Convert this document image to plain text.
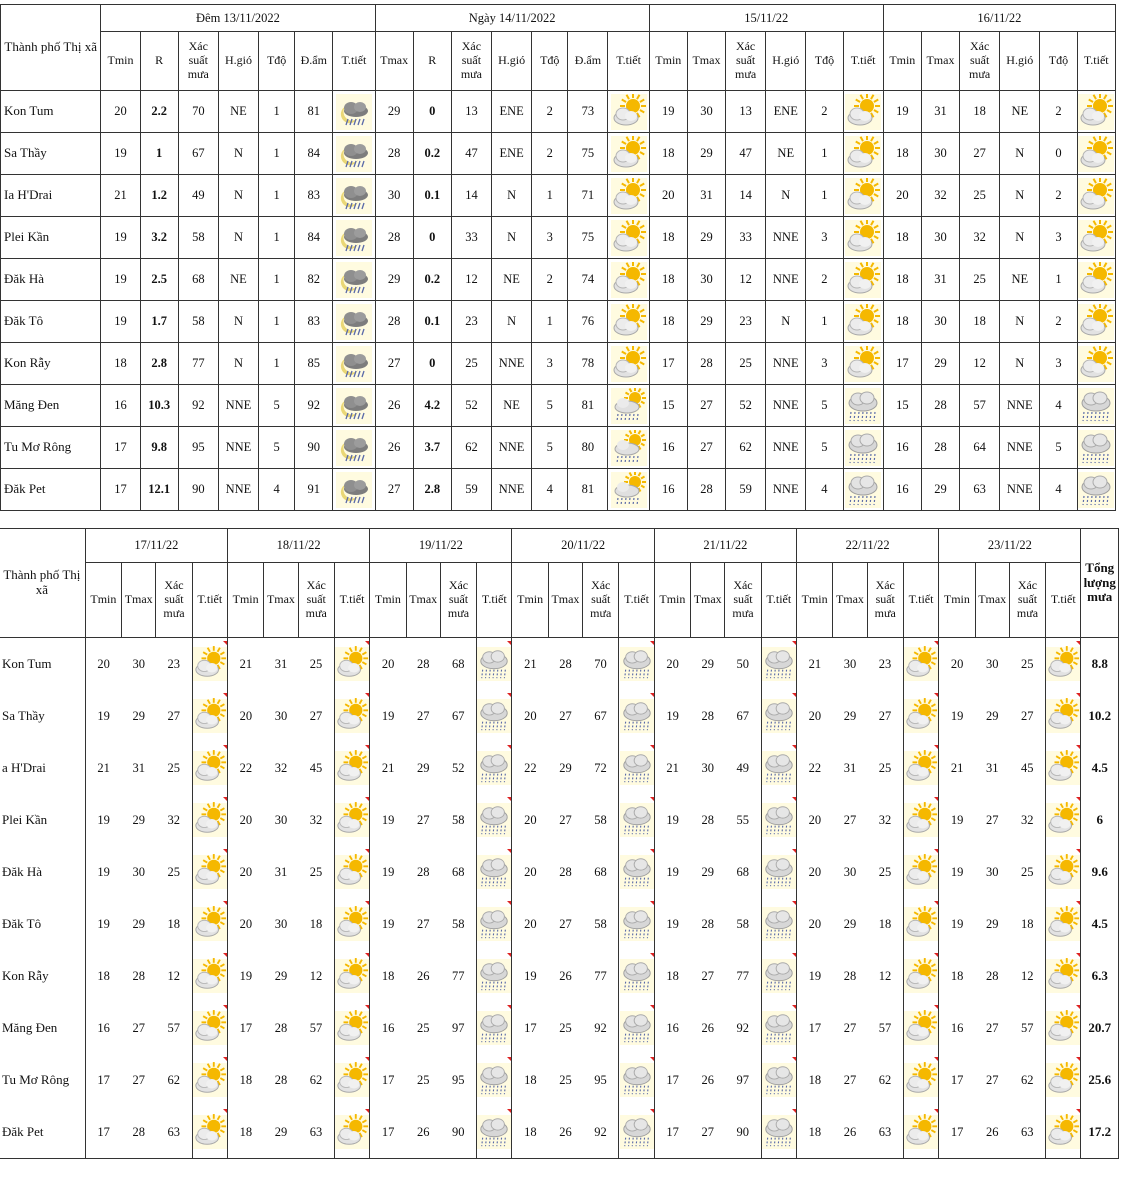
Thành phố Thị xã	Đêm 13/11/2022							Ngày 14/11/2022							15/11/22						16/11/22					
	Tmin	R	Xác suất mưa	H.gió	Tđộ	Đ.ẩm	T.tiết	Tmax	R	Xác suất mưa	H.gió	Tđộ	Đ.ẩm	T.tiết	Tmin	Tmax	Xác suất mưa	H.gió	Tđộ	T.tiết	Tmin	Tmax	Xác suất mưa	H.gió	Tđộ	T.tiết
Kon Tum	20	2.2	70	NE	1	81		29	0	13	ENE	2	73		19	30	13	ENE	2		19	31	18	NE	2	

Sa Thầy	19	1	67	N	1	84		28	0.2	47	ENE	2	75		18	29	47	NE	1		18	30	27	N	0	

Ia H'Drai	21	1.2	49	N	1	83		30	0.1	14	N	1	71		20	31	14	N	1		20	32	25	N	2	

Plei Kần	19	3.2	58	N	1	84		28	0	33	N	3	75		18	29	33	NNE	3		18	30	32	N	3	

Đăk Hà	19	2.5	68	NE	1	82		29	0.2	12	NE	2	74		18	30	12	NNE	2		18	31	25	NE	1	

Đăk Tô	19	1.7	58	N	1	83		28	0.1	23	N	1	76		18	29	23	N	1		18	30	18	N	2	

Kon Rẫy	18	2.8	77	N	1	85		27	0	25	NNE	3	78		17	28	25	NNE	3		17	29	12	N	3	

Măng Đen	16	10.3	92	NNE	5	92		26	4.2	52	NE	5	81		15	27	52	NNE	5		15	28	57	NNE	4	

Tu Mơ Rông	17	9.8	95	NNE	5	90		26	3.7	62	NNE	5	80		16	27	62	NNE	5		16	28	64	NNE	5	

Đăk Pet	17	12.1	90	NNE	4	91		27	2.8	59	NNE	4	81		16	28	59	NNE	4		16	29	63	NNE	4	
Thành phố Thị xã	17/11/22				18/11/22				19/11/22				20/11/22				21/11/22				22/11/22				23/11/22				Tổng lượng mưa
	Tmin	Tmax	Xác suất mưa	T.tiết	Tmin	Tmax	Xác suất mưa	T.tiết	Tmin	Tmax	Xác suất mưa	T.tiết	Tmin	Tmax	Xác suất mưa	T.tiết	Tmin	Tmax	Xác suất mưa	T.tiết	Tmin	Tmax	Xác suất mưa	T.tiết	Tmin	Tmax	Xác suất mưa	T.tiết	
Kon Tum	20	30	23		21	31	25		20	28	68		21	28	70		20	29	50		21	30	23		20	30	25		8.8
Sa Thầy	19	29	27		20	30	27		19	27	67		20	27	67		19	28	67		20	29	27		19	29	27		10.2
a H'Drai	21	31	25		22	32	45		21	29	52		22	29	72		21	30	49		22	31	25		21	31	45		4.5
Plei Kần	19	29	32		20	30	32		19	27	58		20	27	58		19	28	55		20	27	32		19	27	32		6
Đăk Hà	19	30	25		20	31	25		19	28	68		20	28	68		19	29	68		20	30	25		19	30	25		9.6
Đăk Tô	19	29	18		20	30	18		19	27	58		20	27	58		19	28	58		20	29	18		19	29	18		4.5
Kon Rẫy	18	28	12		19	29	12		18	26	77		19	26	77		18	27	77		19	28	12		18	28	12		6.3
Măng Đen	16	27	57		17	28	57		16	25	97		17	25	92		16	26	92		17	27	57		16	27	57		20.7
Tu Mơ Rông	17	27	62		18	28	62		17	25	95		18	25	95		17	26	97		18	27	62		17	27	62		25.6
Đăk Pet	17	28	63		18	29	63		17	26	90		18	26	92		17	27	90		18	26	63		17	26	63		17.2
